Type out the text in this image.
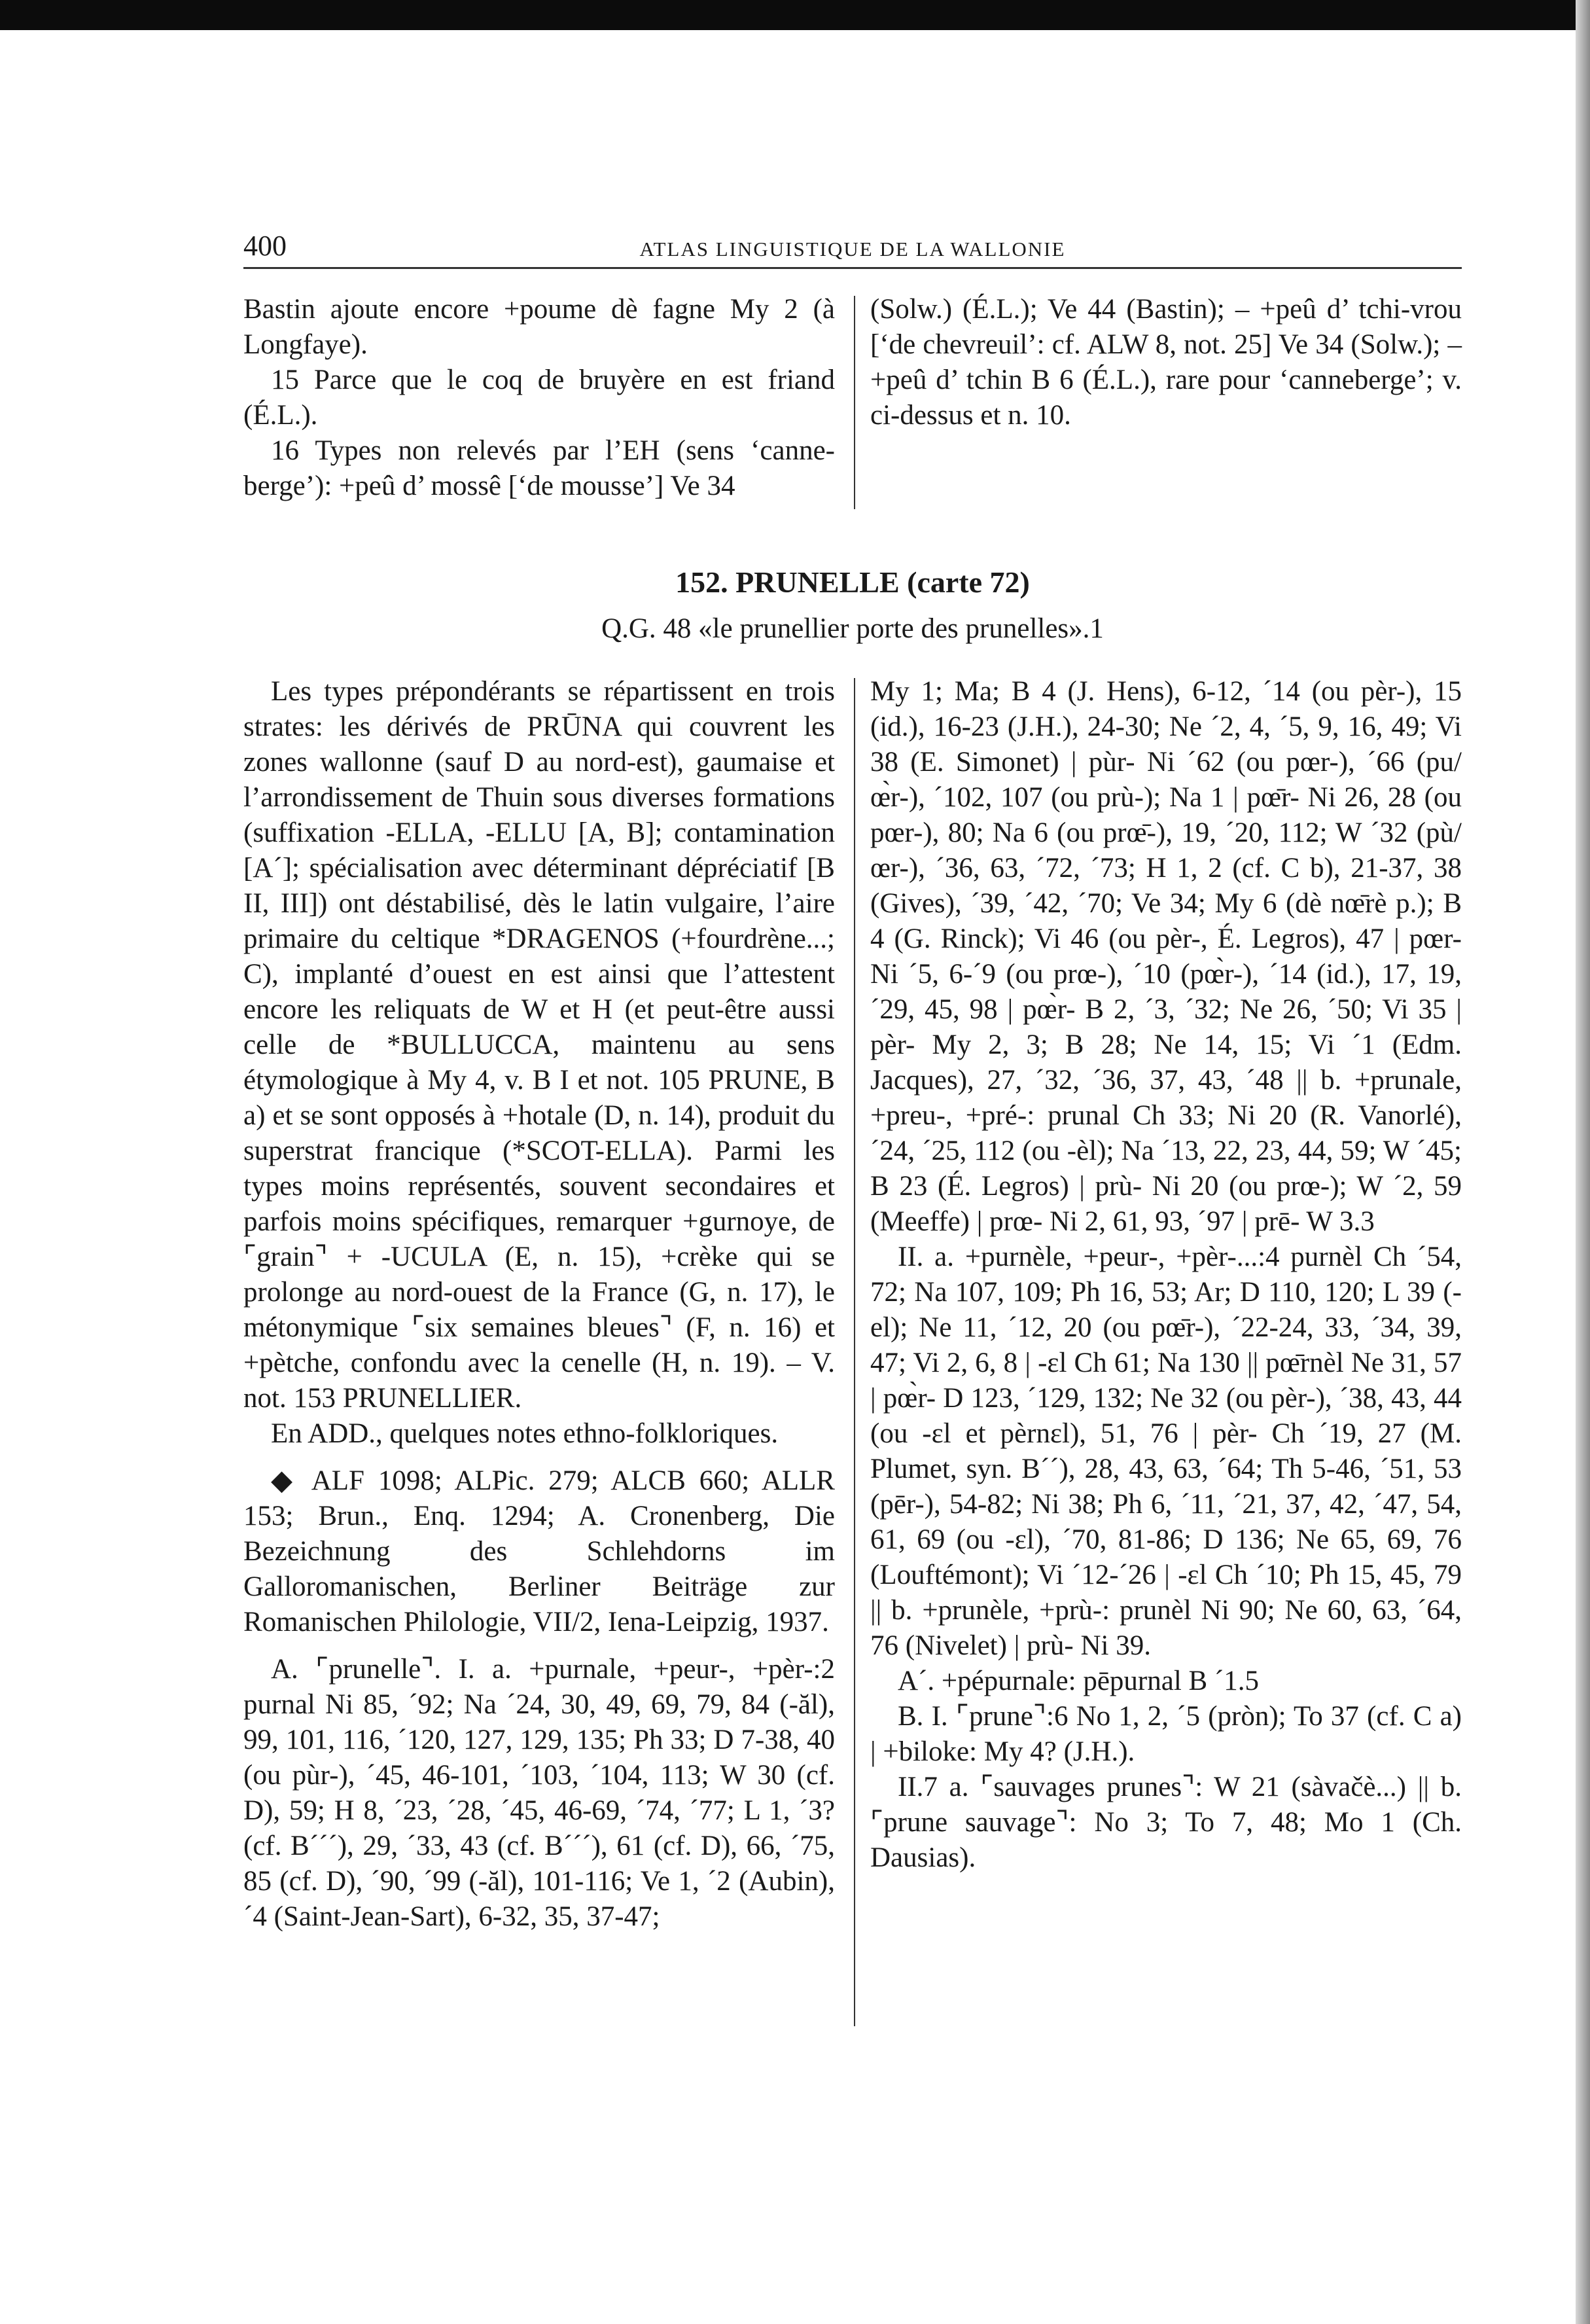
400	ATLAS LINGUISTIQUE DE LA WALLONIE

Bastin ajoute encore +poume dè fagne My 2 (à Longfaye).

15 Parce que le coq de bruyère en est friand (É.L.).

16 Types non relevés par l’EH (sens ‘canne-berge’): +peû d’ mossê [‘de mousse’] Ve 34

(Solw.) (É.L.); Ve 44 (Bastin); – +peû d’ tchi-vrou [‘de chevreuil’: cf. ALW 8, not. 25] Ve 34 (Solw.); – +peû d’ tchin B 6 (É.L.), rare pour ‘canneberge’; v. ci-dessus et n. 10.

152. PRUNELLE (carte 72)
Q.G. 48 «le prunellier porte des prunelles».1

Les types prépondérants se répartissent en trois strates: les dérivés de PRŪNA qui couvrent les zones wallonne (sauf D au nord-est), gaumaise et l’arrondissement de Thuin sous diverses formations (suffixation -ELLA, -ELLU [A, B]; contamination [A´]; spécialisation avec déterminant dépréciatif [B II, III]) ont déstabilisé, dès le latin vulgaire, l’aire primaire du celtique *DRAGENOS (+fourdrène...; C), implanté d’ouest en est ainsi que l’attestent encore les reliquats de W et H (et peut-être aussi celle de *BULLUCCA, maintenu au sens étymologique à My 4, v. B I et not. 105 PRUNE, B a) et se sont opposés à +hotale (D, n. 14), produit du superstrat francique (*SCOT-ELLA). Parmi les types moins représentés, souvent secondaires et parfois moins spécifiques, remarquer +gurnoye, de ⌜grain⌝ + -UCULA (E, n. 15), +crèke qui se prolonge au nord-ouest de la France (G, n. 17), le métonymique ⌜six semaines bleues⌝ (F, n. 16) et +pètche, confondu avec la cenelle (H, n. 19). – V. not. 153 PRUNELLIER.

En ADD., quelques notes ethno-folkloriques.

◆ ALF 1098; ALPic. 279; ALCB 660; ALLR 153; Brun., Enq. 1294; A. Cronenberg, Die Bezeichnung des Schlehdorns im Galloromanischen, Berliner Beiträge zur Romanischen Philologie, VII/2, Iena-Leipzig, 1937.

A. ⌜prunelle⌝. I. a. +purnale, +peur-, +pèr-:2 purnal Ni 85, ´92; Na ´24, 30, 49, 69, 79, 84 (-ăl), 99, 101, 116, ´120, 127, 129, 135; Ph 33; D 7-38, 40 (ou pùr-), ´45, 46-101, ´103, ´104, 113; W 30 (cf. D), 59; H 8, ´23, ´28, ´45, 46-69, ´74, ´77; L 1, ´3? (cf. B´´´), 29, ´33, 43 (cf. B´´´), 61 (cf. D), 66, ´75, 85 (cf. D), ´90, ´99 (-ăl), 101-116; Ve 1, ´2 (Aubin), ´4 (Saint-Jean-Sart), 6-32, 35, 37-47;

My 1; Ma; B 4 (J. Hens), 6-12, ´14 (ou pèr-), 15 (id.), 16-23 (J.H.), 24-30; Ne ´2, 4, ´5, 9, 16, 49; Vi 38 (E. Simonet) | pùr- Ni ´62 (ou pœr-), ´66 (pu/œ̀r-), ´102, 107 (ou prù-); Na 1 | pœ̄r- Ni 26, 28 (ou pœr-), 80; Na 6 (ou prœ̄-), 19, ´20, 112; W ´32 (pù/œr-), ´36, 63, ´72, ´73; H 1, 2 (cf. C b), 21-37, 38 (Gives), ´39, ´42, ´70; Ve 34; My 6 (dè nœ̄rè p.); B 4 (G. Rinck); Vi 46 (ou pèr-, É. Legros), 47 | pœr- Ni ´5, 6-´9 (ou prœ-), ´10 (pœ̀r-), ´14 (id.), 17, 19, ´29, 45, 98 | pœ̀r- B 2, ´3, ´32; Ne 26, ´50; Vi 35 | pèr- My 2, 3; B 28; Ne 14, 15; Vi ´1 (Edm. Jacques), 27, ´32, ´36, 37, 43, ´48 || b. +prunale, +preu-, +pré-: prunal Ch 33; Ni 20 (R. Vanorlé), ´24, ´25, 112 (ou -èl); Na ´13, 22, 23, 44, 59; W ´45; B 23 (É. Legros) | prù- Ni 20 (ou prœ-); W ´2, 59 (Meeffe) | prœ- Ni 2, 61, 93, ´97 | prē- W 3.3

II. a. +purnèle, +peur-, +pèr-...:4 purnèl Ch ´54, 72; Na 107, 109; Ph 16, 53; Ar; D 110, 120; L 39 (-el); Ne 11, ´12, 20 (ou pœ̄r-), ´22-24, 33, ´34, 39, 47; Vi 2, 6, 8 | -ɛl Ch 61; Na 130 || pœ̄rnèl Ne 31, 57 | pœ̀r- D 123, ´129, 132; Ne 32 (ou pèr-), ´38, 43, 44 (ou -ɛl et pèrnɛl), 51, 76 | pèr- Ch ´19, 27 (M. Plumet, syn. B´´), 28, 43, 63, ´64; Th 5-46, ´51, 53 (pēr-), 54-82; Ni 38; Ph 6, ´11, ´21, 37, 42, ´47, 54, 61, 69 (ou -ɛl), ´70, 81-86; D 136; Ne 65, 69, 76 (Louftémont); Vi ´12-´26 | -ɛl Ch ´10; Ph 15, 45, 79 || b. +prunèle, +prù-: prunèl Ni 90; Ne 60, 63, ´64, 76 (Nivelet) | prù- Ni 39.

A´. +pépurnale: pēpurnal B ´1.5

B. I. ⌜prune⌝:6 No 1, 2, ´5 (pròn); To 37 (cf. C a) | +biloke: My 4? (J.H.).

II.7 a. ⌜sauvages prunes⌝: W 21 (sàvačè...) || b. ⌜prune sauvage⌝: No 3; To 7, 48; Mo 1 (Ch. Dausias).
